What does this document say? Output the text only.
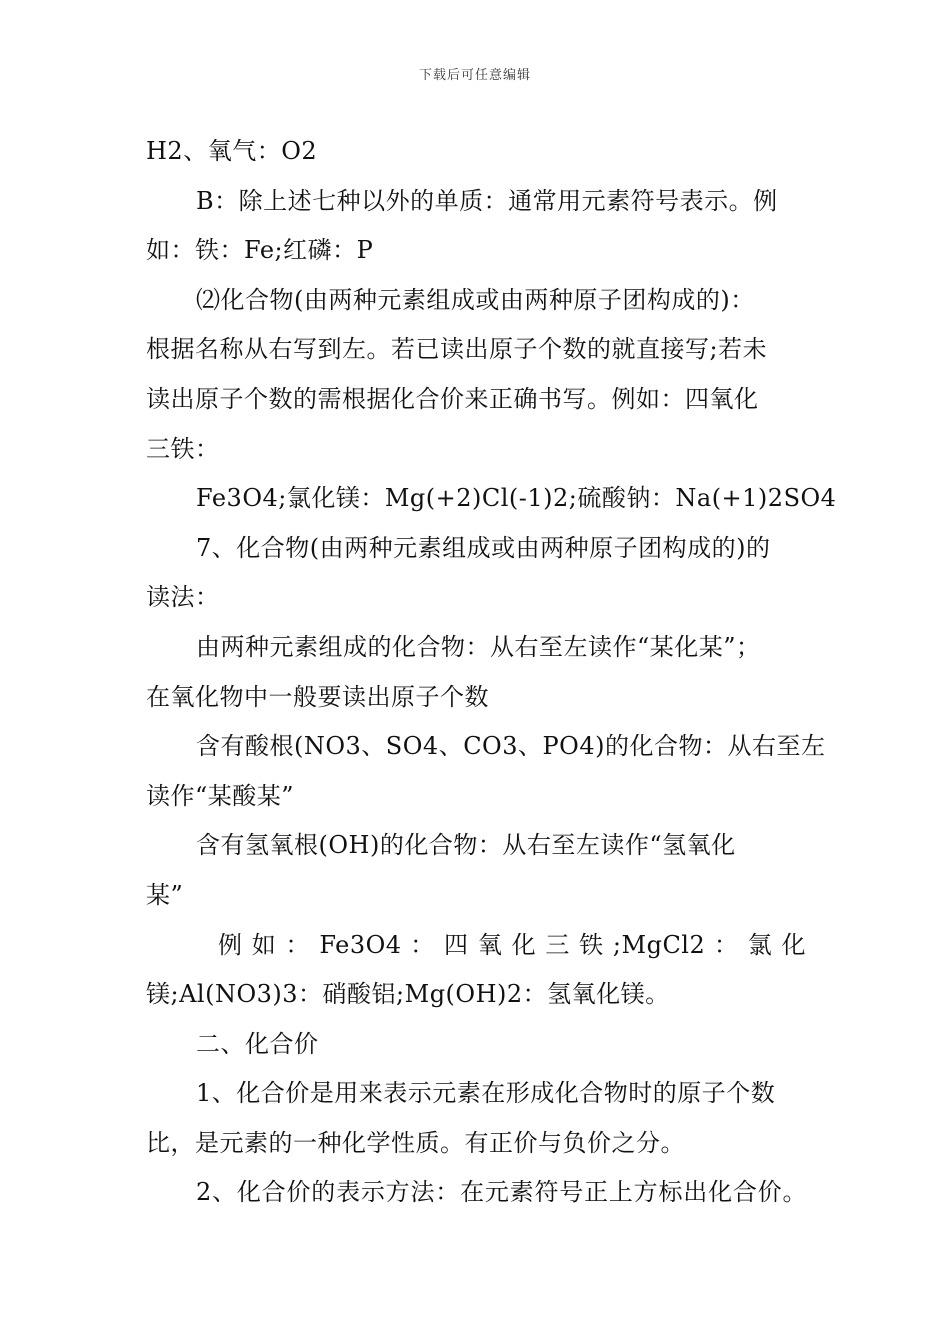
下载后可任意编辑
H2、氧气：O2
B：除上述七种以外的单质：通常用元素符号表示。例
如：铁：Fe;红磷：P
⑵化合物(由两种元素组成或由两种原子团构成的)：
根据名称从右写到左。若已读出原子个数的就直接写;若未
读出原子个数的需根据化合价来正确书写。例如：四氧化
三铁：
Fe3O4;氯化镁：Mg(+2)Cl(-1)2;硫酸钠：Na(+1)2SO4
7、化合物(由两种元素组成或由两种原子团构成的)的
读法：
由两种元素组成的化合物：从右至左读作“某化某”；
在氧化物中一般要读出原子个数
含有酸根(NO3、SO4、CO3、PO4)的化合物：从右至左
读作“某酸某”
含有氢氧根(OH)的化合物：从右至左读作“氢氧化
某”
例 如 ： Fe3O4 ： 四 氧 化 三 铁 ;MgCl2 ： 氯 化
镁;Al(NO3)3：硝酸铝;Mg(OH)2：氢氧化镁。
二、化合价
1、化合价是用来表示元素在形成化合物时的原子个数
比，是元素的一种化学性质。有正价与负价之分。
2、化合价的表示方法：在元素符号正上方标出化合价。
